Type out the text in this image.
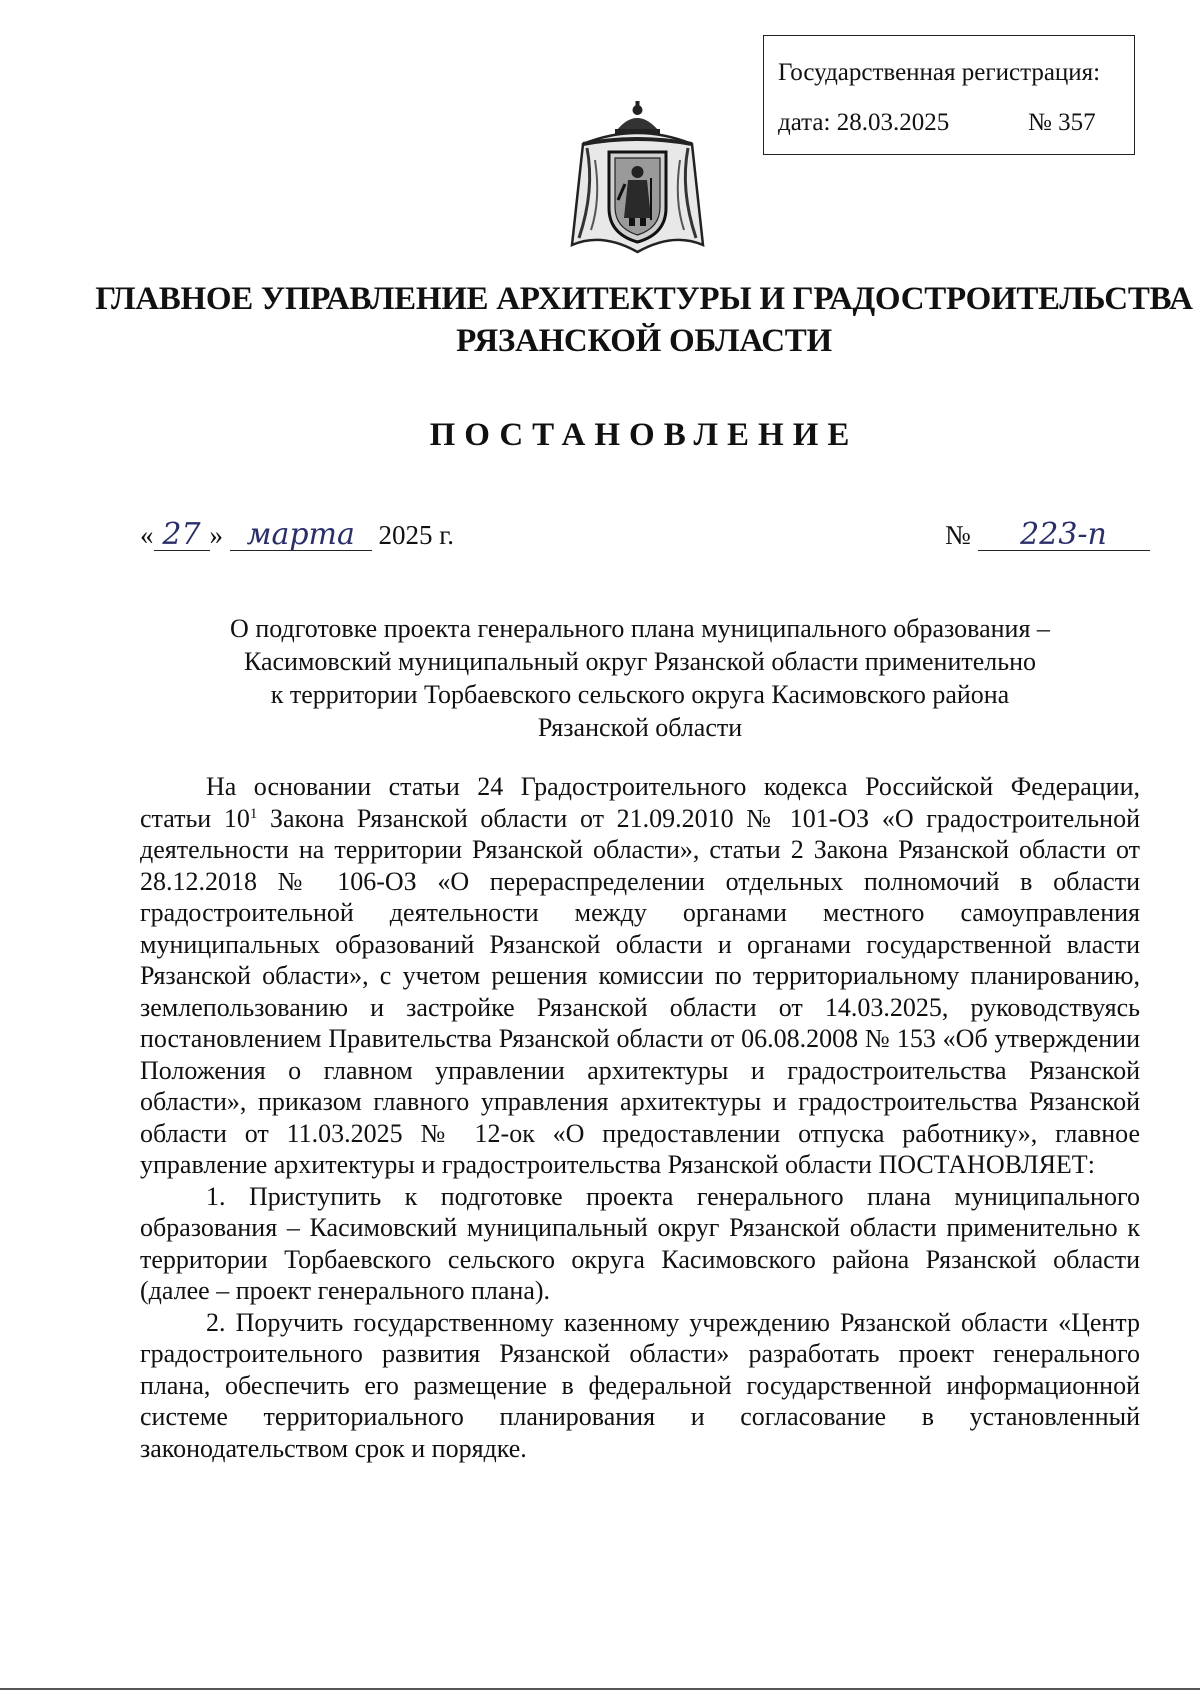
Государственная регистрация:
дата: 28.03.2025	№ 357
ГЛАВНОЕ УПРАВЛЕНИЕ АРХИТЕКТУРЫ И ГРАДОСТРОИТЕЛЬСТВА
РЯЗАНСКОЙ ОБЛАСТИ
ПОСТАНОВЛЕНИЕ
« 27 » марта 2025 г.	№ 223-п
О подготовке проекта генерального плана муниципального образования –
Касимовский муниципальный округ Рязанской области применительно
к территории Торбаевского сельского округа Касимовского района
Рязанской области

На основании статьи 24 Градостроительного кодекса Российской Федерации, статьи $10^1$ Закона Рязанской области от 21.09.2010 № 101-ОЗ «О градостроительной деятельности на территории Рязанской области», статьи 2 Закона Рязанской области от 28.12.2018 № 106-ОЗ «О перераспределении отдельных полномочий в области градостроительной деятельности между органами местного самоуправления муниципальных образований Рязанской области и органами государственной власти Рязанской области», с учетом решения комиссии по территориальному планированию, землепользованию и застройке Рязанской области от 14.03.2025, руководствуясь постановлением Правительства Рязанской области от 06.08.2008 № 153 «Об утверждении Положения о главном управлении архитектуры и градостроительства Рязанской области», приказом главного управления архитектуры и градостроительства Рязанской области от 11.03.2025 № 12-ок «О предоставлении отпуска работнику», главное управление архитектуры и градостроительства Рязанской области ПОСТАНОВЛЯЕТ:

1. Приступить к подготовке проекта генерального плана муниципального образования – Касимовский муниципальный округ Рязанской области применительно к территории Торбаевского сельского округа Касимовского района Рязанской области (далее – проект генерального плана).

2. Поручить государственному казенному учреждению Рязанской области «Центр градостроительного развития Рязанской области» разработать проект генерального плана, обеспечить его размещение в федеральной государственной информационной системе территориального планирования и согласование в установленный законодательством срок и порядке.
